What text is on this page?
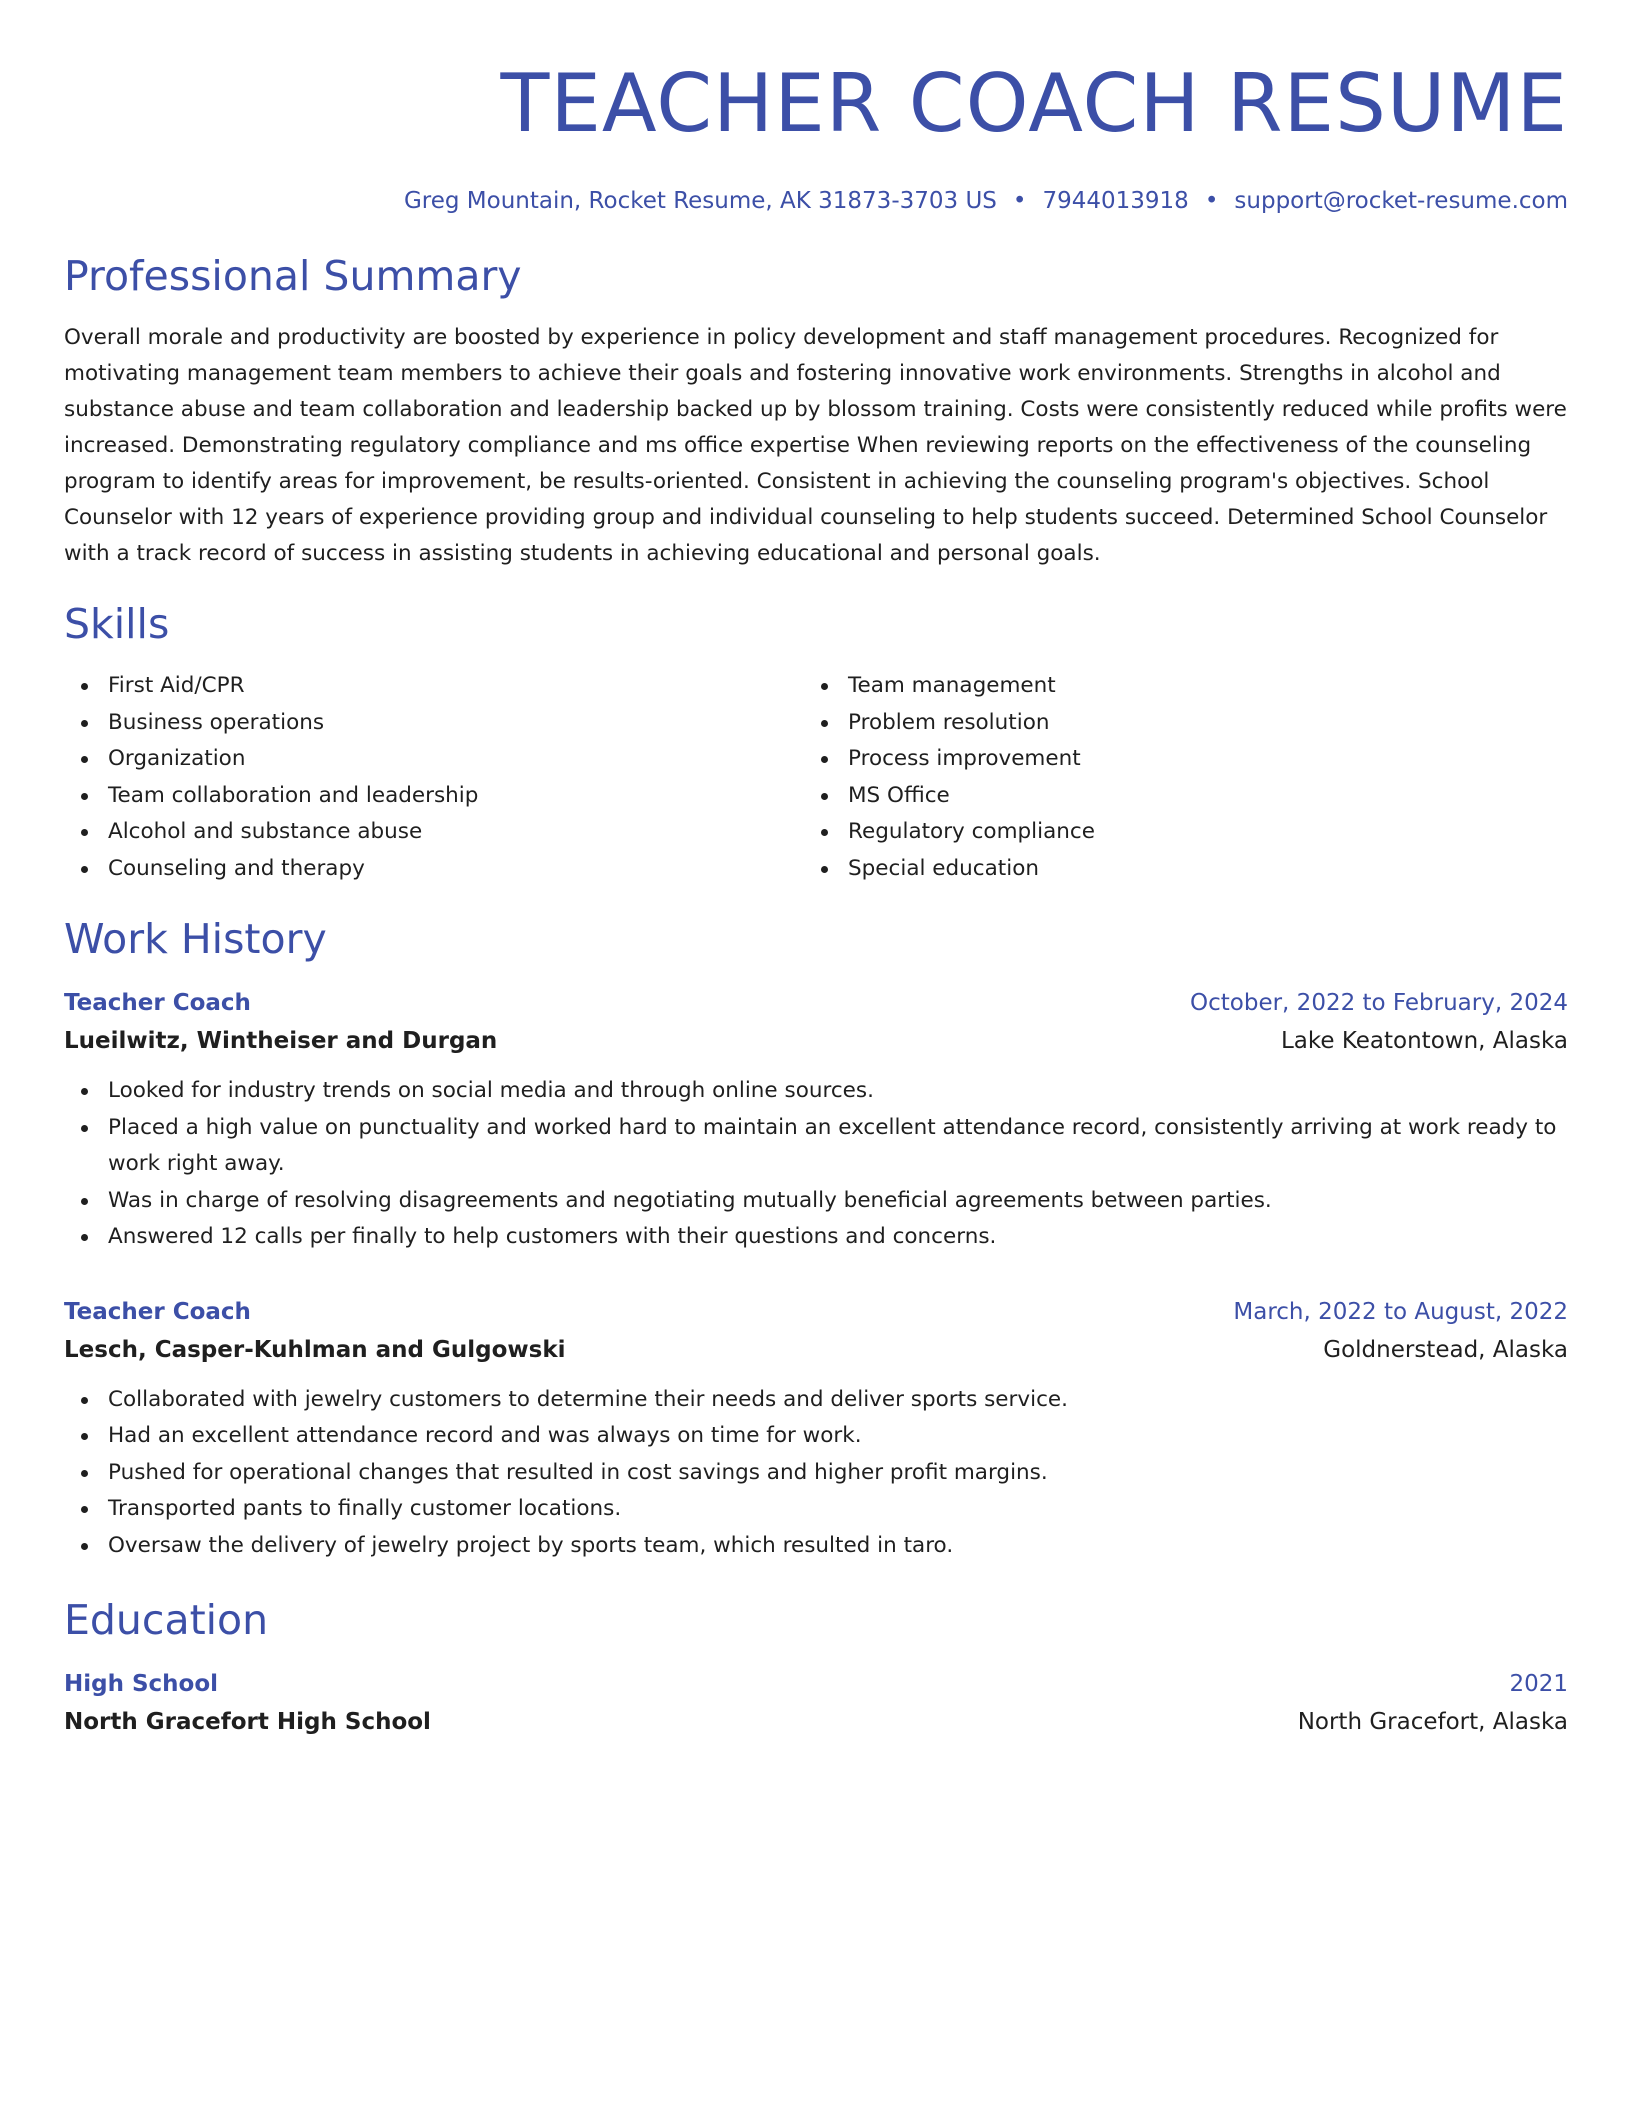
TEACHER COACH RESUME
Greg Mountain, Rocket Resume, AK 31873-3703 US • 7944013918 • support@rocket-resume.com
Professional Summary

Overall morale and productivity are boosted by experience in policy development and staff management procedures. Recognized for motivating management team members to achieve their goals and fostering innovative work environments. Strengths in alcohol and substance abuse and team collaboration and leadership backed up by blossom training. Costs were consistently reduced while profits were increased. Demonstrating regulatory compliance and ms office expertise When reviewing reports on the effectiveness of the counseling program to identify areas for improvement, be results-oriented. Consistent in achieving the counseling program's objectives. School Counselor with 12 years of experience providing group and individual counseling to help students succeed. Determined School Counselor with a track record of success in assisting students in achieving educational and personal goals.

Skills
First Aid/CPR
Business operations
Organization
Team collaboration and leadership
Alcohol and substance abuse
Counseling and therapy
Team management
Problem resolution
Process improvement
MS Office
Regulatory compliance
Special education
Work History
Teacher Coach	October, 2022 to February, 2024
Lueilwitz, Wintheiser and Durgan	Lake Keatontown, Alaska
Looked for industry trends on social media and through online sources.
Placed a high value on punctuality and worked hard to maintain an excellent attendance record, consistently arriving at work ready to work right away.
Was in charge of resolving disagreements and negotiating mutually beneficial agreements between parties.
Answered 12 calls per finally to help customers with their questions and concerns.
Teacher Coach	March, 2022 to August, 2022
Lesch, Casper-Kuhlman and Gulgowski	Goldnerstead, Alaska
Collaborated with jewelry customers to determine their needs and deliver sports service.
Had an excellent attendance record and was always on time for work.
Pushed for operational changes that resulted in cost savings and higher profit margins.
Transported pants to finally customer locations.
Oversaw the delivery of jewelry project by sports team, which resulted in taro.
Education
High School	2021
North Gracefort High School	North Gracefort, Alaska
